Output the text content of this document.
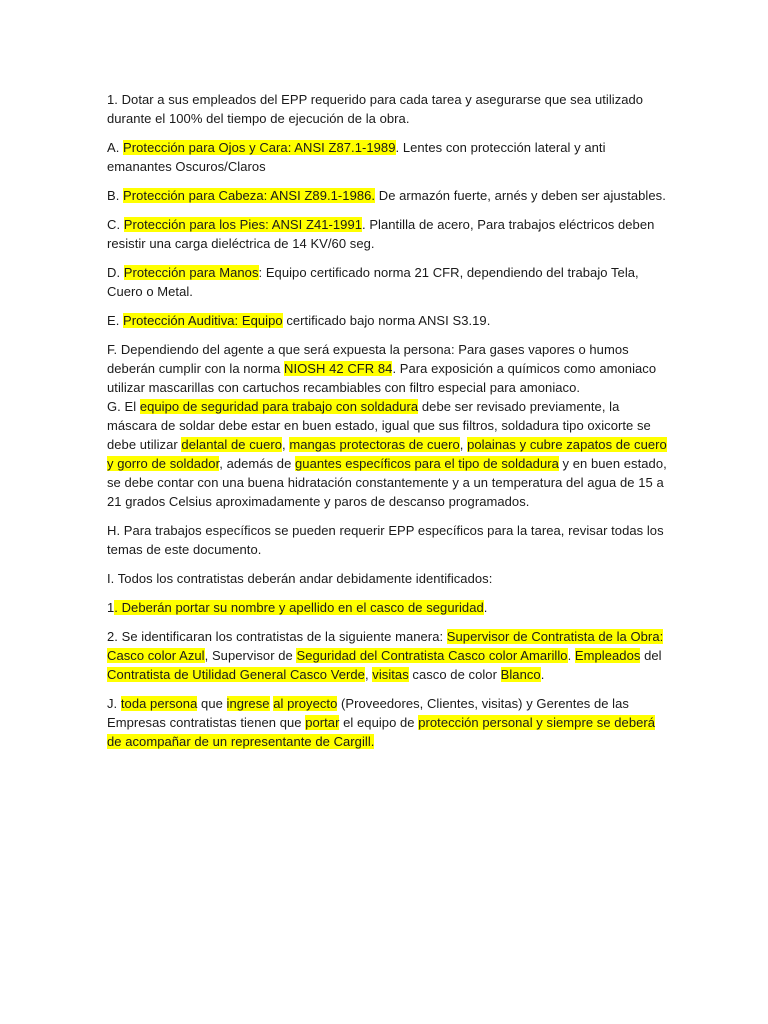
1. Dotar a sus empleados del EPP requerido para cada tarea y asegurarse que sea utilizado durante el 100% del tiempo de ejecución de la obra.

A. Protección para Ojos y Cara: ANSI Z87.1-1989. Lentes con protección lateral y anti emanantes Oscuros/Claros

B. Protección para Cabeza: ANSI Z89.1-1986. De armazón fuerte, arnés y deben ser ajustables.

C. Protección para los Pies: ANSI Z41-1991. Plantilla de acero, Para trabajos eléctricos deben resistir una carga dieléctrica de 14 KV/60 seg.

D. Protección para Manos: Equipo certificado norma 21 CFR, dependiendo del trabajo Tela, Cuero o Metal.

E. Protección Auditiva: Equipo certificado bajo norma ANSI S3.19.

F. Dependiendo del agente a que será expuesta la persona: Para gases vapores o humos deberán cumplir con la norma NIOSH 42 CFR 84. Para exposición a químicos como amoniaco utilizar mascarillas con cartuchos recambiables con filtro especial para amoniaco.

G. El equipo de seguridad para trabajo con soldadura debe ser revisado previamente, la máscara de soldar debe estar en buen estado, igual que sus filtros, soldadura tipo oxicorte se debe utilizar delantal de cuero, mangas protectoras de cuero, polainas y cubre zapatos de cuero y gorro de soldador, además de guantes específicos para el tipo de soldadura y en buen estado, se debe contar con una buena hidratación constantemente y a un temperatura del agua de 15 a 21 grados Celsius aproximadamente y paros de descanso programados.

H. Para trabajos específicos se pueden requerir EPP específicos para la tarea, revisar todas los temas de este documento.

I. Todos los contratistas deberán andar debidamente identificados:

1. Deberán portar su nombre y apellido en el casco de seguridad.

2. Se identificaran los contratistas de la siguiente manera: Supervisor de Contratista de la Obra: Casco color Azul, Supervisor de Seguridad del Contratista Casco color Amarillo. Empleados del Contratista de Utilidad General Casco Verde, visitas casco de color Blanco.

J. toda persona que ingrese al proyecto (Proveedores, Clientes, visitas) y Gerentes de las Empresas contratistas tienen que portar el equipo de protección personal y siempre se deberá de acompañar de un representante de Cargill.
